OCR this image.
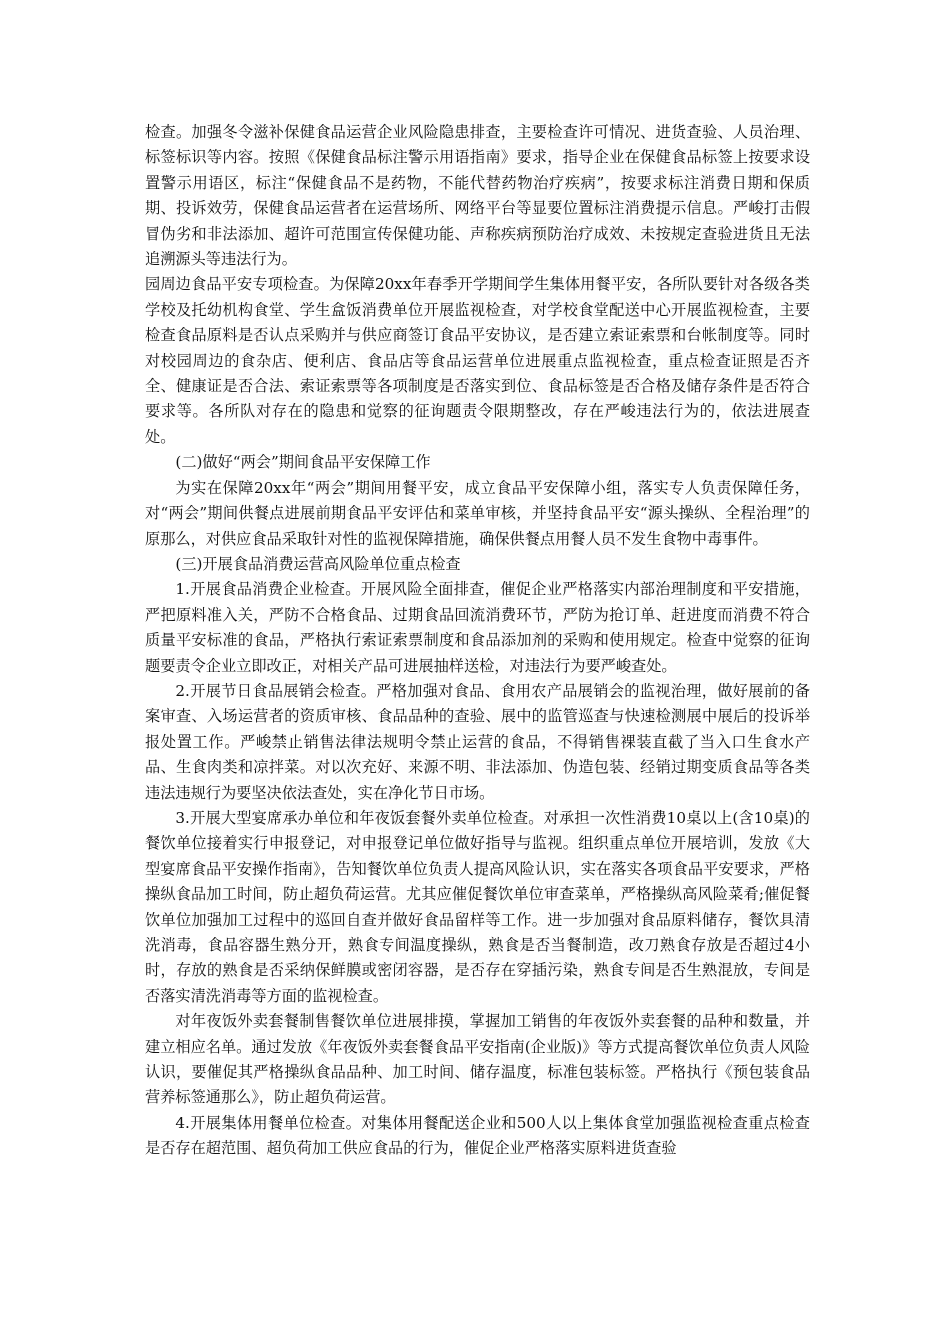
检查。加强冬令滋补保健食品运营企业风险隐患排查，主要检查许可情况、进货查验、人员治理、标签标识等内容。按照《保健食品标注警示用语指南》要求，指导企业在保健食品标签上按要求设置警示用语区，标注“保健食品不是药物，不能代替药物治疗疾病”，按要求标注消费日期和保质期、投诉效劳，保健食品运营者在运营场所、网络平台等显要位置标注消费提示信息。严峻打击假冒伪劣和非法添加、超许可范围宣传保健功能、声称疾病预防治疗成效、未按规定查验进货且无法追溯源头等违法行为。

园周边食品平安专项检查。为保障20xx年春季开学期间学生集体用餐平安，各所队要针对各级各类学校及托幼机构食堂、学生盒饭消费单位开展监视检查，对学校食堂配送中心开展监视检查，主要检查食品原料是否认点采购并与供应商签订食品平安协议，是否建立索证索票和台帐制度等。同时对校园周边的食杂店、便利店、食品店等食品运营单位进展重点监视检查，重点检查证照是否齐全、健康证是否合法、索证索票等各项制度是否落实到位、食品标签是否合格及储存条件是否符合要求等。各所队对存在的隐患和觉察的征询题责令限期整改，存在严峻违法行为的，依法进展查处。

(二)做好“两会”期间食品平安保障工作

为实在保障20xx年“两会”期间用餐平安，成立食品平安保障小组，落实专人负责保障任务，对“两会”期间供餐点进展前期食品平安评估和菜单审核，并坚持食品平安“源头操纵、全程治理”的原那么，对供应食品采取针对性的监视保障措施，确保供餐点用餐人员不发生食物中毒事件。

(三)开展食品消费运营高风险单位重点检查

1.开展食品消费企业检查。开展风险全面排查，催促企业严格落实内部治理制度和平安措施，严把原料准入关，严防不合格食品、过期食品回流消费环节，严防为抢订单、赶进度而消费不符合质量平安标准的食品，严格执行索证索票制度和食品添加剂的采购和使用规定。检查中觉察的征询题要责令企业立即改正，对相关产品可进展抽样送检，对违法行为要严峻查处。

2.开展节日食品展销会检查。严格加强对食品、食用农产品展销会的监视治理，做好展前的备案审查、入场运营者的资质审核、食品品种的查验、展中的监管巡查与快速检测展中展后的投诉举报处置工作。严峻禁止销售法律法规明令禁止运营的食品，不得销售裸装直截了当入口生食水产品、生食肉类和凉拌菜。对以次充好、来源不明、非法添加、伪造包装、经销过期变质食品等各类违法违规行为要坚决依法查处，实在净化节日市场。

3.开展大型宴席承办单位和年夜饭套餐外卖单位检查。对承担一次性消费10桌以上(含10桌)的餐饮单位接着实行申报登记，对申报登记单位做好指导与监视。组织重点单位开展培训，发放《大型宴席食品平安操作指南》，告知餐饮单位负责人提高风险认识，实在落实各项食品平安要求，严格操纵食品加工时间，防止超负荷运营。尤其应催促餐饮单位审查菜单，严格操纵高风险菜肴;催促餐饮单位加强加工过程中的巡回自查并做好食品留样等工作。进一步加强对食品原料储存，餐饮具清洗消毒，食品容器生熟分开，熟食专间温度操纵，熟食是否当餐制造，改刀熟食存放是否超过4小时，存放的熟食是否采纳保鲜膜或密闭容器，是否存在穿插污染，熟食专间是否生熟混放，专间是否落实清洗消毒等方面的监视检查。

对年夜饭外卖套餐制售餐饮单位进展排摸，掌握加工销售的年夜饭外卖套餐的品种和数量，并建立相应名单。通过发放《年夜饭外卖套餐食品平安指南(企业版)》等方式提高餐饮单位负责人风险认识，要催促其严格操纵食品品种、加工时间、储存温度，标准包装标签。严格执行《预包装食品营养标签通那么》，防止超负荷运营。

4.开展集体用餐单位检查。对集体用餐配送企业和500人以上集体食堂加强监视检查重点检查是否存在超范围、超负荷加工供应食品的行为，催促企业严格落实原料进货查验
